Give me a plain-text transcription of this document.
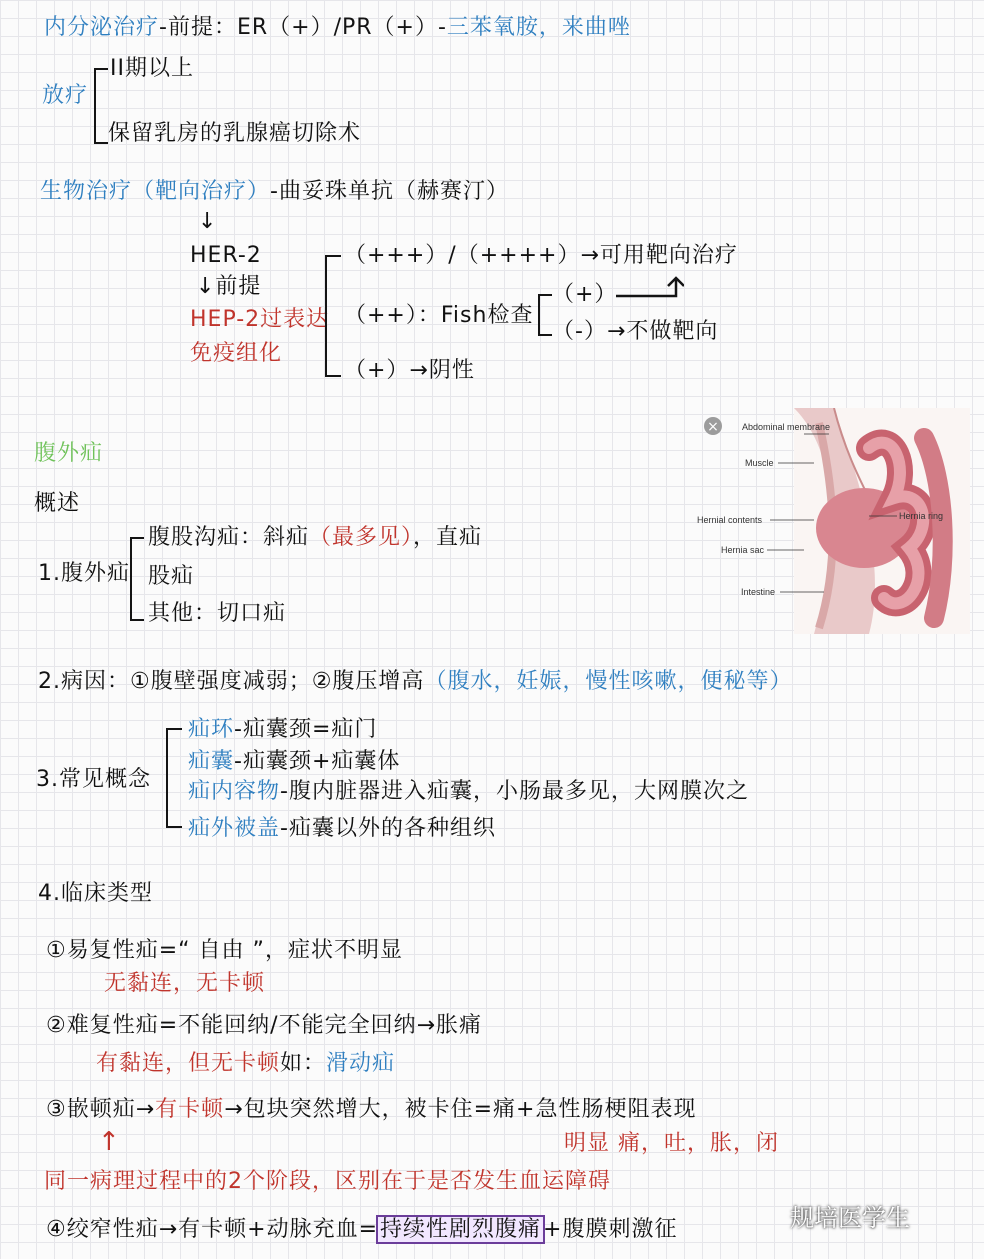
内分泌治疗-前提：ER（+）/PR（+）-三苯氧胺，来曲唑
放疗
II期以上
保留乳房的乳腺癌切除术
生物治疗（靶向治疗）-曲妥珠单抗（赫赛汀）
↓
HER-2
↓前提
HEP-2过表达
免疫组化
（+++）/（++++）→可用靶向治疗
（++）：Fish检查
（+）
（-）→不做靶向
（+）→阴性
×	Abdominal membrane
Muscle
Hernial contents
Hernia sac
Intestine
Hernia ring
腹外疝
概述
1.腹外疝
腹股沟疝：斜疝（最多见），直疝
股疝
其他：切口疝
2.病因：①腹壁强度减弱；②腹压增高（腹水，妊娠，慢性咳嗽，便秘等）
3.常见概念
疝环-疝囊颈=疝门
疝囊-疝囊颈+疝囊体
疝内容物-腹内脏器进入疝囊，小肠最多见，大网膜次之
疝外被盖-疝囊以外的各种组织
4.临床类型
①易复性疝=“ 自由 ”，症状不明显
无黏连，无卡顿
②难复性疝=不能回纳/不能完全回纳→胀痛
有黏连，但无卡顿如：滑动疝
③嵌顿疝→有卡顿→包块突然增大，被卡住=痛+急性肠梗阻表现
↑	明显 痛，吐，胀，闭
同一病理过程中的2个阶段，区别在于是否发生血运障碍
④绞窄性疝→有卡顿+动脉充血=持续性剧烈腹痛+腹膜刺激征	规培医学生
